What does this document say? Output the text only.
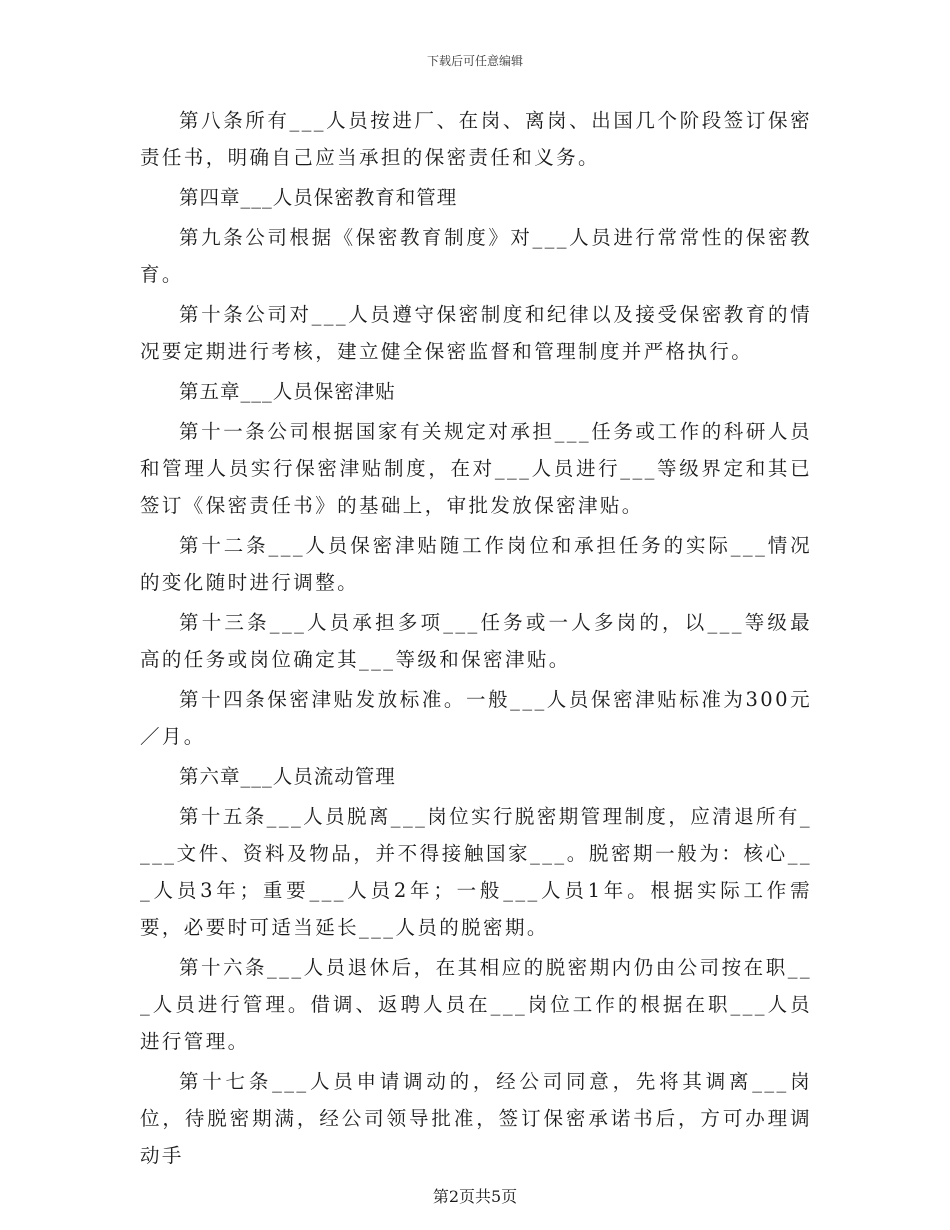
下载后可任意编辑

第八条所有___人员按进厂、在岗、离岗、出国几个阶段签订保密责任书，明确自己应当承担的保密责任和义务。

第四章___人员保密教育和管理

第九条公司根据《保密教育制度》对___人员进行常常性的保密教育。

第十条公司对___人员遵守保密制度和纪律以及接受保密教育的情况要定期进行考核，建立健全保密监督和管理制度并严格执行。

第五章___人员保密津贴

第十一条公司根据国家有关规定对承担___任务或工作的科研人员和管理人员实行保密津贴制度，在对___人员进行___等级界定和其已签订《保密责任书》的基础上，审批发放保密津贴。

第十二条___人员保密津贴随工作岗位和承担任务的实际___情况的变化随时进行调整。

第十三条___人员承担多项___任务或一人多岗的，以___等级最高的任务或岗位确定其___等级和保密津贴。

第十四条保密津贴发放标准。一般___人员保密津贴标准为300元／月。

第六章___人员流动管理

第十五条___人员脱离___岗位实行脱密期管理制度，应清退所有____文件、资料及物品，并不得接触国家___。脱密期一般为：核心___人员3年；重要___人员2年；一般___人员1年。根据实际工作需要，必要时可适当延长___人员的脱密期。

第十六条___人员退休后，在其相应的脱密期内仍由公司按在职___人员进行管理。借调、返聘人员在___岗位工作的根据在职___人员进行管理。

第十七条___人员申请调动的，经公司同意，先将其调离___岗位，待脱密期满，经公司领导批准，签订保密承诺书后，方可办理调动手

第2页共5页
